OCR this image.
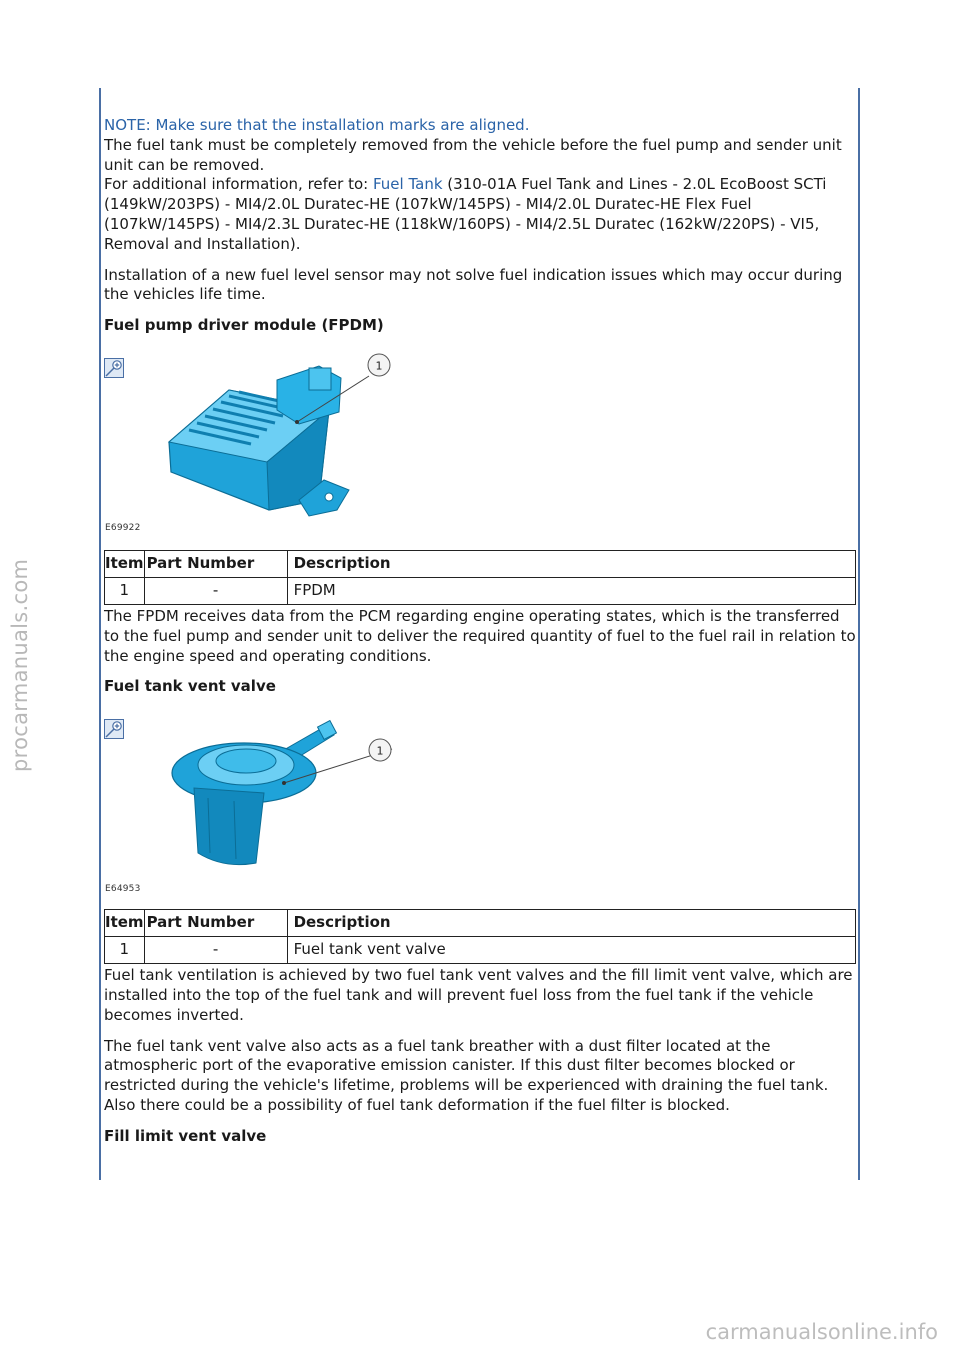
procarmanuals.com
carmanualsonline.info

NOTE: Make sure that the installation marks are aligned.

The fuel tank must be completely removed from the vehicle before the fuel pump and sender unit unit can be removed.

For additional information, refer to: Fuel Tank (310-01A Fuel Tank and Lines - 2.0L EcoBoost SCTi (149kW/203PS) - MI4/2.0L Duratec-HE (107kW/145PS) - MI4/2.0L Duratec-HE Flex Fuel (107kW/145PS) - MI4/2.3L Duratec-HE (118kW/160PS) - MI4/2.5L Duratec (162kW/220PS) - VI5, Removal and Installation).

Installation of a new fuel level sensor may not solve fuel indication issues which may occur during the vehicles life time.

Fuel pump driver module (FPDM)

1
E69922
Item	Part Number	Description
1	-	FPDM

The FPDM receives data from the PCM regarding engine operating states, which is the transferred to the fuel pump and sender unit to deliver the required quantity of fuel to the fuel rail in relation to the engine speed and operating conditions.

Fuel tank vent valve

1
E64953
Item	Part Number	Description
1	-	Fuel tank vent valve

Fuel tank ventilation is achieved by two fuel tank vent valves and the fill limit vent valve, which are installed into the top of the fuel tank and will prevent fuel loss from the fuel tank if the vehicle becomes inverted.

The fuel tank vent valve also acts as a fuel tank breather with a dust filter located at the atmospheric port of the evaporative emission canister. If this dust filter becomes blocked or restricted during the vehicle's lifetime, problems will be experienced with draining the fuel tank. Also there could be a possibility of fuel tank deformation if the fuel filter is blocked.

Fill limit vent valve
